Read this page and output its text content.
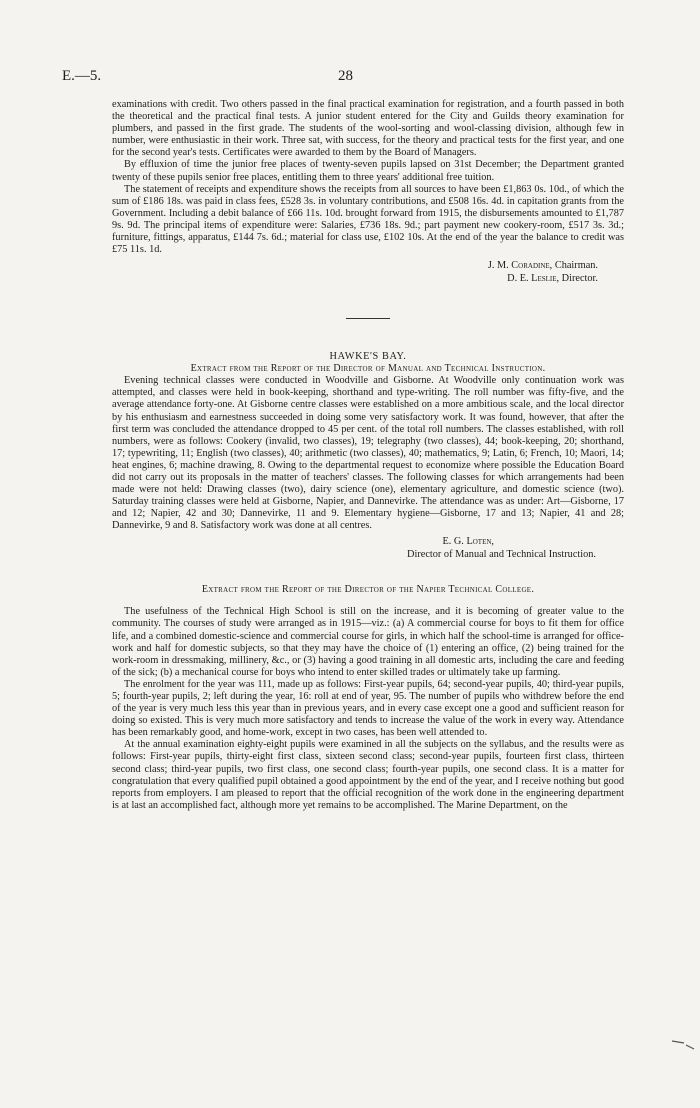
E.—5.	28

examinations with credit. Two others passed in the final practical examination for registration, and a fourth passed in both the theoretical and the practical final tests. A junior student entered for the City and Guilds theory examination for plumbers, and passed in the first grade. The students of the wool-sorting and wool-classing division, although few in number, were enthusiastic in their work. Three sat, with success, for the theory and practical tests for the first year, and one for the second year's tests. Certificates were awarded to them by the Board of Managers.

By effluxion of time the junior free places of twenty-seven pupils lapsed on 31st December; the Department granted twenty of these pupils senior free places, entitling them to three years' additional free tuition.

The statement of receipts and expenditure shows the receipts from all sources to have been £1,863 0s. 10d., of which the sum of £186 18s. was paid in class fees, £528 3s. in voluntary contributions, and £508 16s. 4d. in capitation grants from the Government. Including a debit balance of £66 11s. 10d. brought forward from 1915, the disbursements amounted to £1,787 9s. 9d. The principal items of expenditure were: Salaries, £736 18s. 9d.; part payment new cookery-room, £517 3s. 3d.; furniture, fittings, apparatus, £144 7s. 6d.; material for class use, £102 10s. At the end of the year the balance to credit was £75 11s. 1d.

J. M. Coradine, Chairman.

D. E. Leslie, Director.

HAWKE'S BAY.

Extract from the Report of the Director of Manual and Technical Instruction.

Evening technical classes were conducted in Woodville and Gisborne. At Woodville only continuation work was attempted, and classes were held in book-keeping, shorthand and type-writing. The roll number was fifty-five, and the average attendance forty-one. At Gisborne centre classes were established on a more ambitious scale, and the local director by his enthusiasm and earnestness succeeded in doing some very satisfactory work. It was found, however, that after the first term was concluded the attendance dropped to 45 per cent. of the total roll numbers. The classes established, with roll numbers, were as follows: Cookery (invalid, two classes), 19; telegraphy (two classes), 44; book-keeping, 20; shorthand, 17; typewriting, 11; English (two classes), 40; arithmetic (two classes), 40; mathematics, 9; Latin, 6; French, 10; Maori, 14; heat engines, 6; machine drawing, 8. Owing to the departmental request to economize where possible the Education Board did not carry out its proposals in the matter of teachers' classes. The following classes for which arrangements had been made were not held: Drawing classes (two), dairy science (one), elementary agriculture, and domestic science (two). Saturday training classes were held at Gisborne, Napier, and Dannevirke. The attendance was as under: Art—Gisborne, 17 and 12; Napier, 42 and 30; Dannevirke, 11 and 9. Elementary hygiene—Gisborne, 17 and 13; Napier, 41 and 28; Dannevirke, 9 and 8. Satisfactory work was done at all centres.

E. G. Loten,

Director of Manual and Technical Instruction.

Extract from the Report of the Director of the Napier Technical College.

The usefulness of the Technical High School is still on the increase, and it is becoming of greater value to the community. The courses of study were arranged as in 1915—viz.: (a) A commercial course for boys to fit them for office life, and a combined domestic-science and commercial course for girls, in which half the school-time is arranged for office-work and half for domestic subjects, so that they may have the choice of (1) entering an office, (2) being trained for the work-room in dressmaking, millinery, &c., or (3) having a good training in all domestic arts, including the care and feeding of the sick; (b) a mechanical course for boys who intend to enter skilled trades or ultimately take up farming.

The enrolment for the year was 111, made up as follows: First-year pupils, 64; second-year pupils, 40; third-year pupils, 5; fourth-year pupils, 2; left during the year, 16: roll at end of year, 95. The number of pupils who withdrew before the end of the year is very much less this year than in previous years, and in every case except one a good and sufficient reason for doing so existed. This is very much more satisfactory and tends to increase the value of the work in every way. Attendance has been remarkably good, and home-work, except in two cases, has been well attended to.

At the annual examination eighty-eight pupils were examined in all the subjects on the syllabus, and the results were as follows: First-year pupils, thirty-eight first class, sixteen second class; second-year pupils, fourteen first class, thirteen second class; third-year pupils, two first class, one second class; fourth-year pupils, one second class. It is a matter for congratulation that every qualified pupil obtained a good appointment by the end of the year, and I receive nothing but good reports from employers. I am pleased to report that the official recognition of the work done in the engineering department is at last an accomplished fact, although more yet remains to be accomplished. The Marine Department, on the
